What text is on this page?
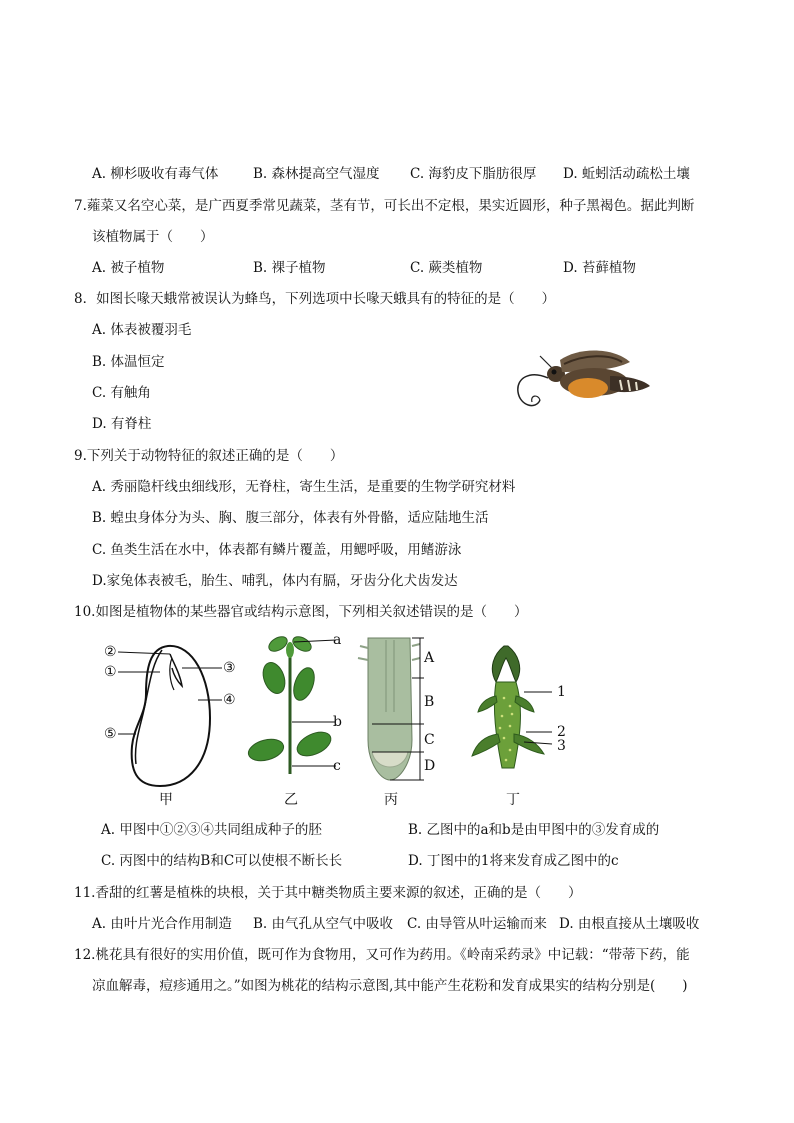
A. 柳杉吸收有毒气体	B. 森林提高空气湿度 C. 海豹皮下脂肪很厚 D. 蚯蚓活动疏松土壤
7.蕹菜又名空心菜，是广西夏季常见蔬菜，茎有节，可长出不定根，果实近圆形，种子黑褐色。据此判断
该植物属于（　　）
A. 被子植物	B. 裸子植物	C. 蕨类植物	D. 苔藓植物
8．如图长喙天蛾常被误认为蜂鸟，下列选项中长喙天蛾具有的特征的是（　　）
A. 体表被覆羽毛
B. 体温恒定
C. 有触角
D. 有脊柱
9.下列关于动物特征的叙述正确的是（　　）
A. 秀丽隐杆线虫细线形，无脊柱，寄生生活，是重要的生物学研究材料
B. 蝗虫身体分为头、胸、腹三部分，体表有外骨骼，适应陆地生活
C. 鱼类生活在水中，体表都有鳞片覆盖，用鳃呼吸，用鳍游泳
D.家兔体表被毛，胎生、哺乳，体内有膈，牙齿分化犬齿发达
10.如图是植物体的某些器官或结构示意图，下列相关叙述错误的是（　　）
②
①	③
④
⑤
甲
a
b
c
乙
A
B
C
D
丙
1
2
3
丁
A. 甲图中①②③④共同组成种子的胚	B. 乙图中的a和b是由甲图中的③发育成的
C. 丙图中的结构B和C可以使根不断长长	D. 丁图中的1将来发育成乙图中的c
11.香甜的红薯是植株的块根，关于其中糖类物质主要来源的叙述，正确的是（　　）
A. 由叶片光合作用制造 B. 由气孔从空气中吸收 C. 由导管从叶运输而来 D. 由根直接从土壤吸收
12.桃花具有很好的实用价值，既可作为食物用，又可作为药用。《岭南采药录》中记载：“带蒂下药，能
凉血解毒，痘疹通用之。”如图为桃花的结构示意图,其中能产生花粉和发育成果实的结构分别是(　　)
